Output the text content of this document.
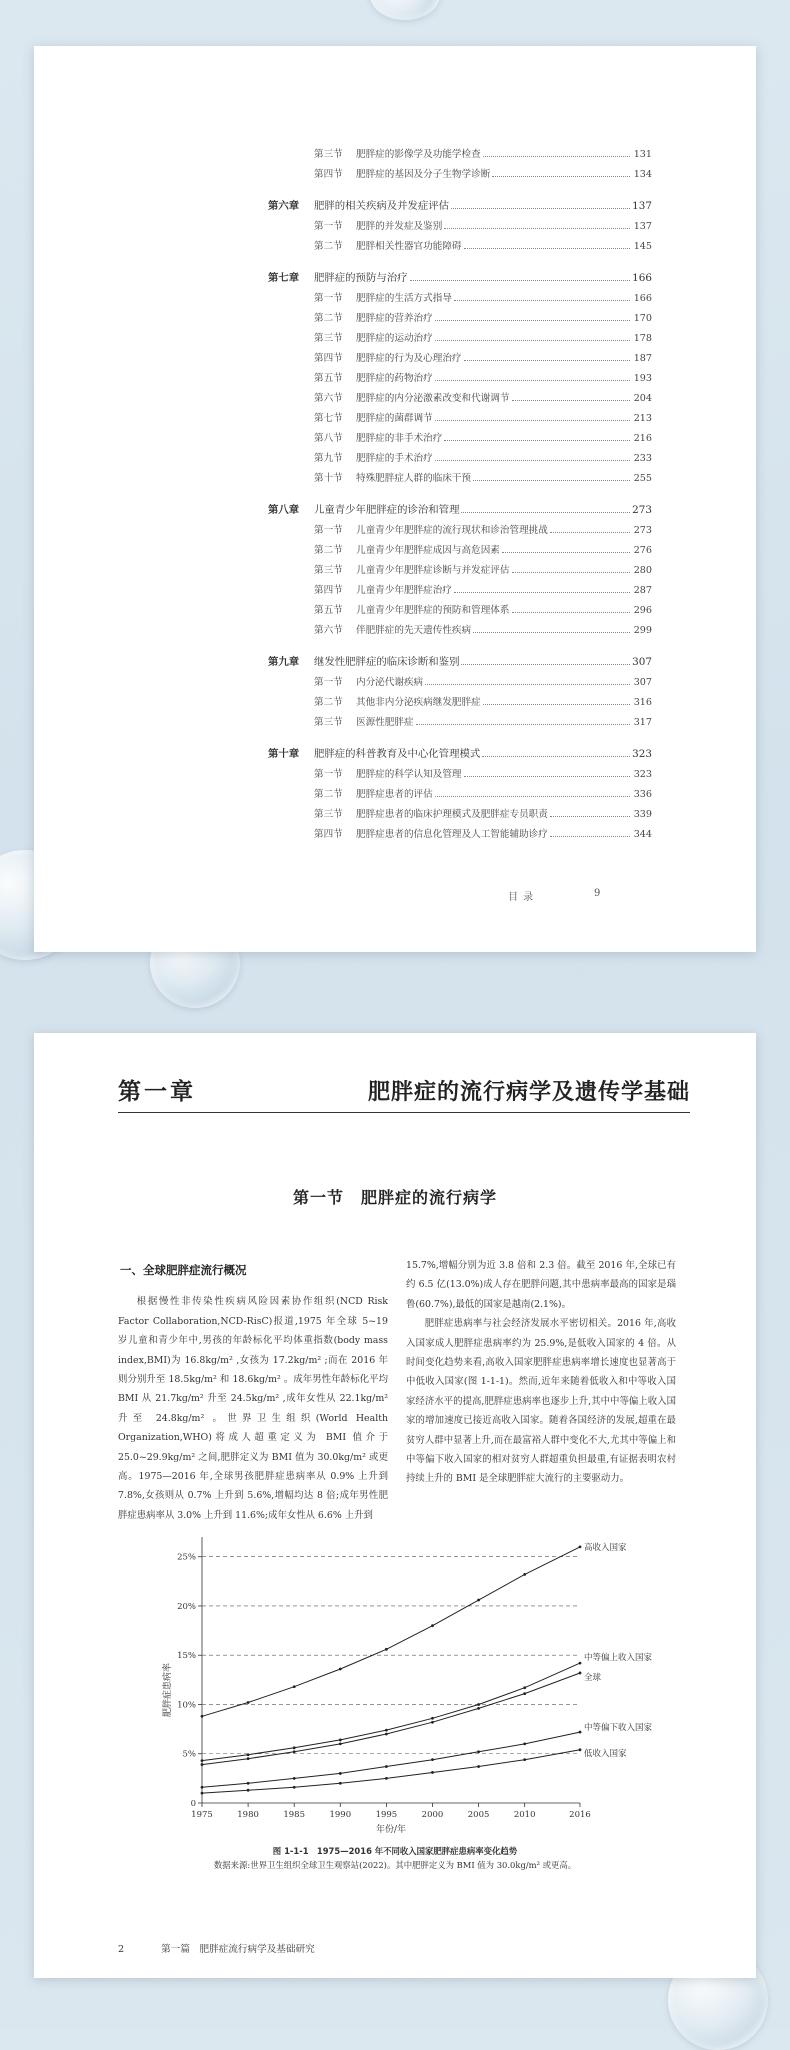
第三节	肥胖症的影像学及功能学检查	131
第四节	肥胖症的基因及分子生物学诊断	134
第六章	肥胖的相关疾病及并发症评估	137
第一节	肥胖的并发症及鉴别	137
第二节	肥胖相关性器官功能障碍	145
第七章	肥胖症的预防与治疗	166
第一节	肥胖症的生活方式指导	166
第二节	肥胖症的营养治疗	170
第三节	肥胖症的运动治疗	178
第四节	肥胖症的行为及心理治疗	187
第五节	肥胖症的药物治疗	193
第六节	肥胖症的内分泌激素改变和代谢调节	204
第七节	肥胖症的菌群调节	213
第八节	肥胖症的非手术治疗	216
第九节	肥胖症的手术治疗	233
第十节	特殊肥胖症人群的临床干预	255
第八章	儿童青少年肥胖症的诊治和管理	273
第一节	儿童青少年肥胖症的流行现状和诊治管理挑战	273
第二节	儿童青少年肥胖症成因与高危因素	276
第三节	儿童青少年肥胖症诊断与并发症评估	280
第四节	儿童青少年肥胖症治疗	287
第五节	儿童青少年肥胖症的预防和管理体系	296
第六节	伴肥胖症的先天遗传性疾病	299
第九章	继发性肥胖症的临床诊断和鉴别	307
第一节	内分泌代谢疾病	307
第二节	其他非内分泌疾病继发肥胖症	316
第三节	医源性肥胖症	317
第十章	肥胖症的科普教育及中心化管理模式	323
第一节	肥胖症的科学认知及管理	323
第二节	肥胖症患者的评估	336
第三节	肥胖症患者的临床护理模式及肥胖症专员职责	339
第四节	肥胖症患者的信息化管理及人工智能辅助诊疗	344
目 录	9
第一章	肥胖症的流行病学及遗传学基础
第一节　肥胖症的流行病学
一、全球肥胖症流行概况

根据慢性非传染性疾病风险因素协作组织(NCD Risk Factor Collaboration,NCD-RisC)报道,1975 年全球 5~19 岁儿童和青少年中,男孩的年龄标化平均体重指数(body mass index,BMI)为 16.8kg/m² ,女孩为 17.2kg/m² ;而在 2016 年则分别升至 18.5kg/m² 和 18.6kg/m² 。成年男性年龄标化平均 BMI 从 21.7kg/m² 升至 24.5kg/m² ,成年女性从 22.1kg/m² 升至 24.8kg/m² 。世界卫生组织(World Health Organization,WHO)将成人超重定义为 BMI 值介于 25.0~29.9kg/m² 之间,肥胖定义为 BMI 值为 30.0kg/m² 或更高。1975—2016 年,全球男孩肥胖症患病率从 0.9% 上升到 7.8%,女孩则从 0.7% 上升到 5.6%,增幅均达 8 倍;成年男性肥胖症患病率从 3.0% 上升到 11.6%;成年女性从 6.6% 上升到

15.7%,增幅分别为近 3.8 倍和 2.3 倍。截至 2016 年,全球已有约 6.5 亿(13.0%)成人存在肥胖问题,其中患病率最高的国家是瑙鲁(60.7%),最低的国家是越南(2.1%)。

肥胖症患病率与社会经济发展水平密切相关。2016 年,高收入国家成人肥胖症患病率约为 25.9%,是低收入国家的 4 倍。从时间变化趋势来看,高收入国家肥胖症患病率增长速度也显著高于中低收入国家(图 1-1-1)。然而,近年来随着低收入和中等收入国家经济水平的提高,肥胖症患病率也逐步上升,其中中等偏上收入国家的增加速度已接近高收入国家。随着各国经济的发展,超重在最贫穷人群中显著上升,而在最富裕人群中变化不大,尤其中等偏上和中等偏下收入国家的相对贫穷人群超重负担最重,有证据表明农村持续上升的 BMI 是全球肥胖症大流行的主要驱动力。

0
5%
10%
15%
20%
25%
1975	1980	1985	1990	1995	2000	2005	2010	2016
年份/年
肥胖症患病率
高收入国家
中等偏上收入国家
全球
中等偏下收入国家
低收入国家
图 1-1-1　1975—2016 年不同收入国家肥胖症患病率变化趋势
数据来源:世界卫生组织全球卫生观察站(2022)。其中肥胖定义为 BMI 值为 30.0kg/m² 或更高。
2	第一篇　肥胖症流行病学及基础研究
